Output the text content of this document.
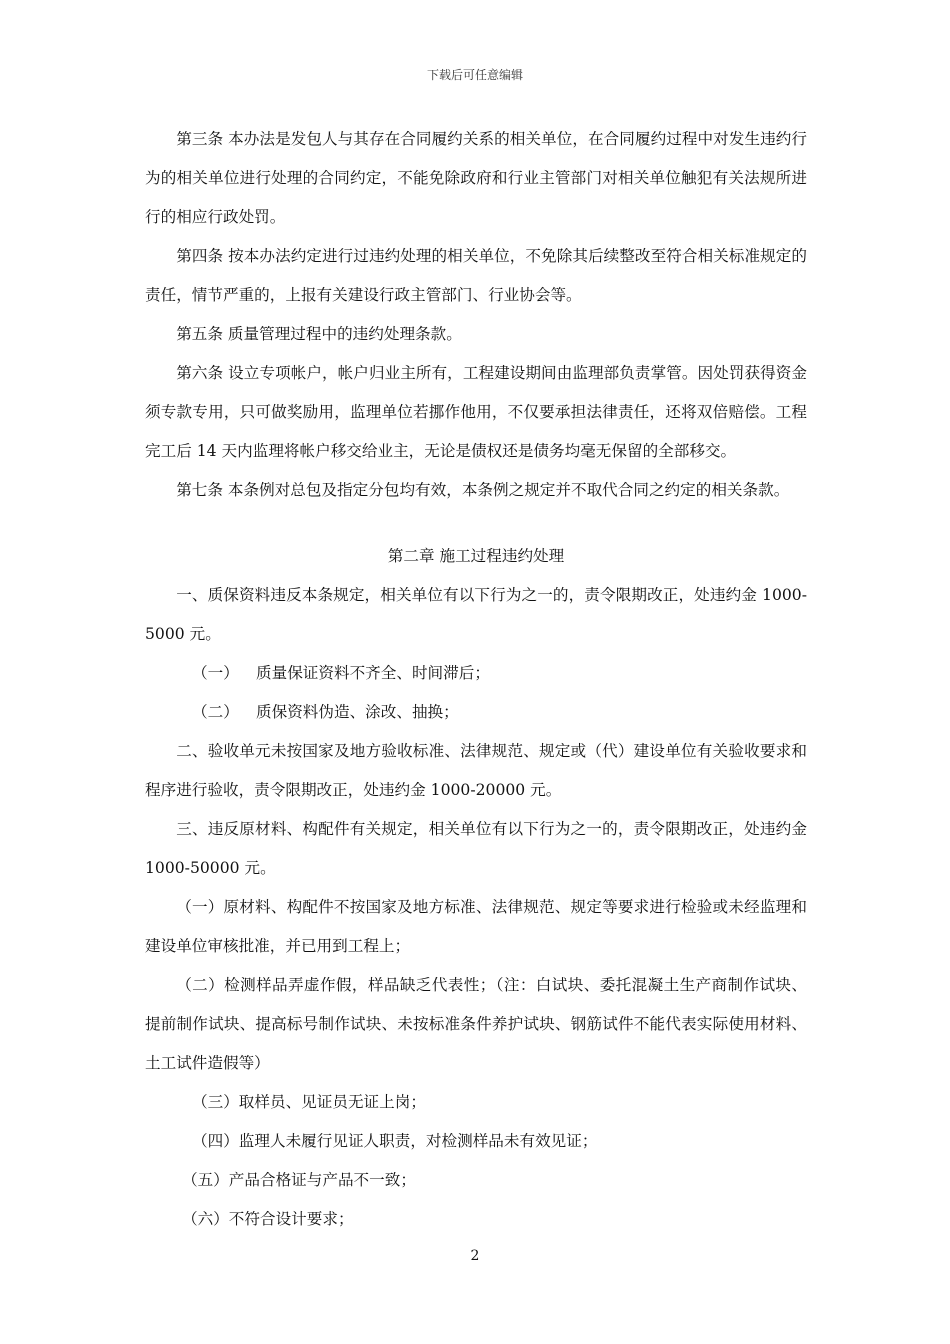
下载后可任意编辑

第三条 本办法是发包人与其存在合同履约关系的相关单位，在合同履约过程中对发生违约行为的相关单位进行处理的合同约定，不能免除政府和行业主管部门对相关单位触犯有关法规所进行的相应行政处罚。

第四条 按本办法约定进行过违约处理的相关单位，不免除其后续整改至符合相关标准规定的责任，情节严重的，上报有关建设行政主管部门、行业协会等。

第五条 质量管理过程中的违约处理条款。

第六条 设立专项帐户，帐户归业主所有，工程建设期间由监理部负责掌管。因处罚获得资金须专款专用，只可做奖励用，监理单位若挪作他用，不仅要承担法律责任，还将双倍赔偿。工程完工后 14 天内监理将帐户移交给业主，无论是债权还是债务均毫无保留的全部移交。

第七条 本条例对总包及指定分包均有效，本条例之规定并不取代合同之约定的相关条款。

第二章 施工过程违约处理

一、质保资料违反本条规定，相关单位有以下行为之一的，责令限期改正，处违约金 1000-5000 元。

（一） 质量保证资料不齐全、时间滞后；

（二） 质保资料伪造、涂改、抽换；

二、验收单元未按国家及地方验收标准、法律规范、规定或（代）建设单位有关验收要求和程序进行验收，责令限期改正，处违约金 1000-20000 元。

三、违反原材料、构配件有关规定，相关单位有以下行为之一的，责令限期改正，处违约金 1000-50000 元。

（一）原材料、构配件不按国家及地方标准、法律规范、规定等要求进行检验或未经监理和建设单位审核批准，并已用到工程上；

（二）检测样品弄虚作假，样品缺乏代表性；（注：白试块、委托混凝土生产商制作试块、提前制作试块、提高标号制作试块、未按标准条件养护试块、钢筋试件不能代表实际使用材料、土工试件造假等）

（三）取样员、见证员无证上岗；

（四）监理人未履行见证人职责，对检测样品未有效见证；

（五）产品合格证与产品不一致；

（六）不符合设计要求；

2
